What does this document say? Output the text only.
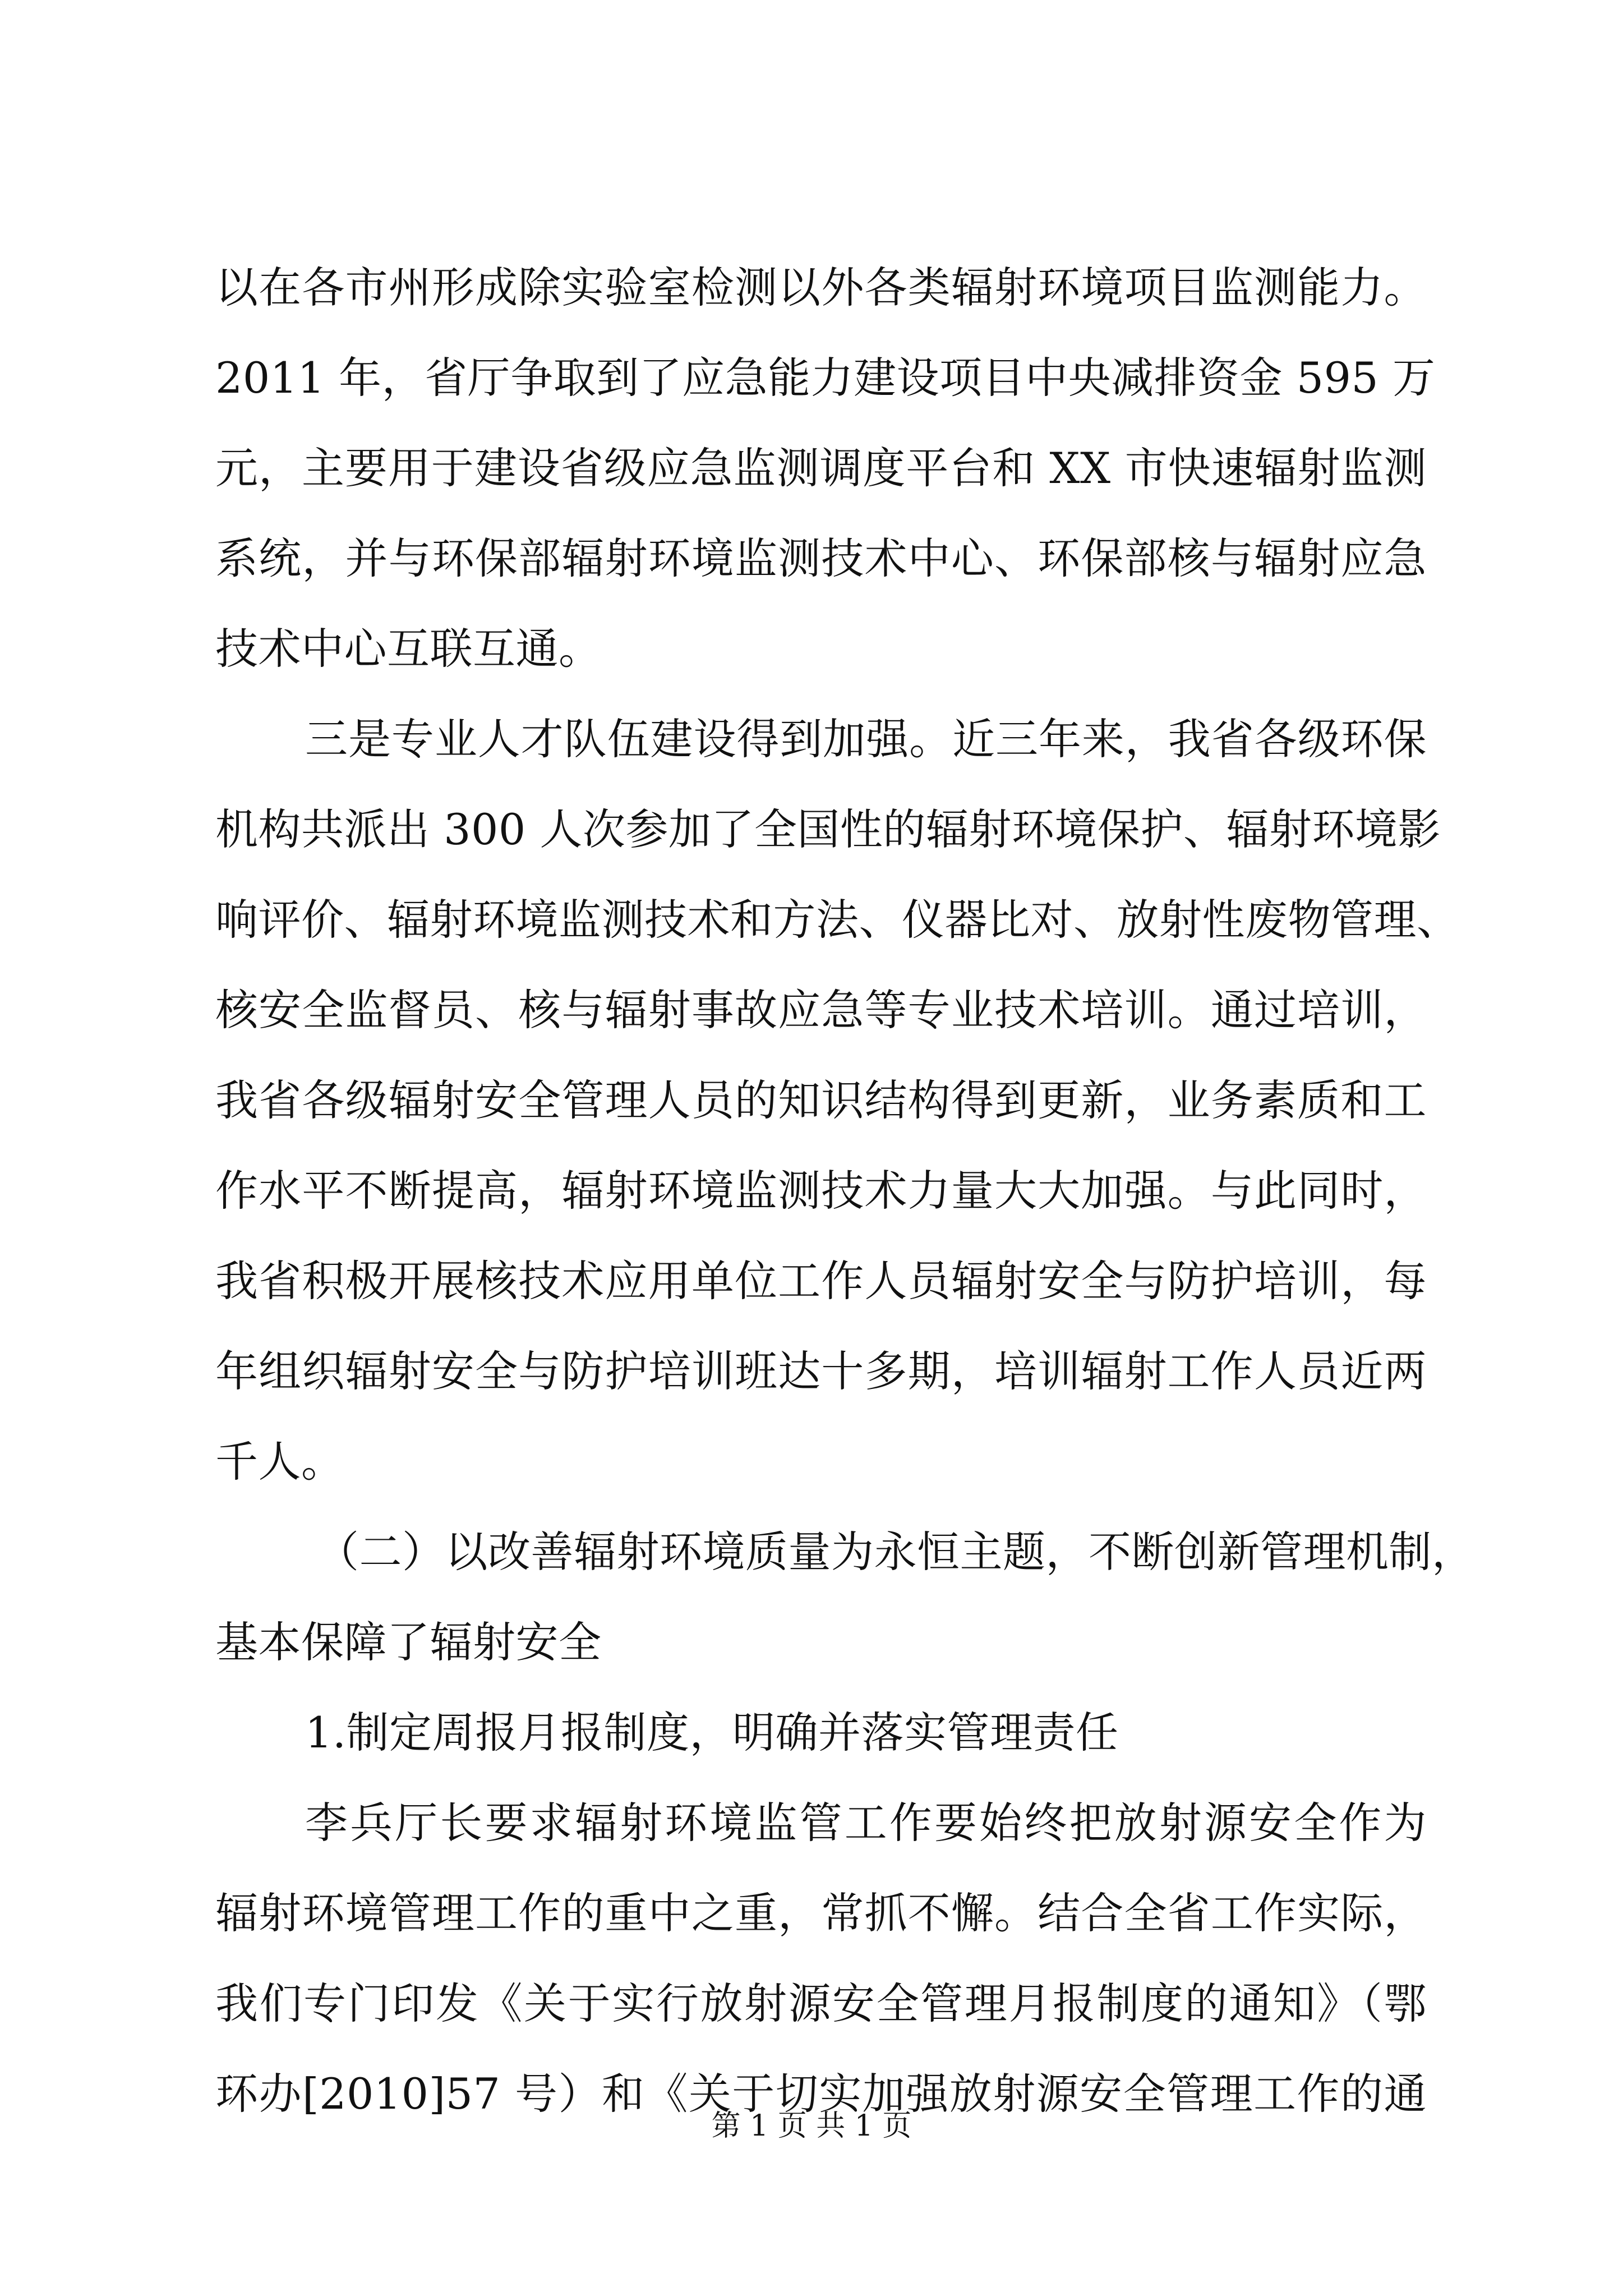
以在各市州形成除实验室检测以外各类辐射环境项目监测能力。
2011 年，省厅争取到了应急能力建设项目中央减排资金 595 万
元，主要用于建设省级应急监测调度平台和 XX 市快速辐射监测
系统，并与环保部辐射环境监测技术中心、环保部核与辐射应急
技术中心互联互通。
三是专业人才队伍建设得到加强。近三年来，我省各级环保
机构共派出 300 人次参加了全国性的辐射环境保护、辐射环境影
响评价、辐射环境监测技术和方法、仪器比对、放射性废物管理、
核安全监督员、核与辐射事故应急等专业技术培训。通过培训，
我省各级辐射安全管理人员的知识结构得到更新，业务素质和工
作水平不断提高，辐射环境监测技术力量大大加强。与此同时，
我省积极开展核技术应用单位工作人员辐射安全与防护培训，每
年组织辐射安全与防护培训班达十多期，培训辐射工作人员近两
千人。
（二）以改善辐射环境质量为永恒主题，不断创新管理机制，
基本保障了辐射安全
1.制定周报月报制度，明确并落实管理责任
李兵厅长要求辐射环境监管工作要始终把放射源安全作为
辐射环境管理工作的重中之重，常抓不懈。结合全省工作实际，
我们专门印发《关于实行放射源安全管理月报制度的通知》（鄂
环办[2010]57 号）和《关于切实加强放射源安全管理工作的通
第 1 页 共 1 页
